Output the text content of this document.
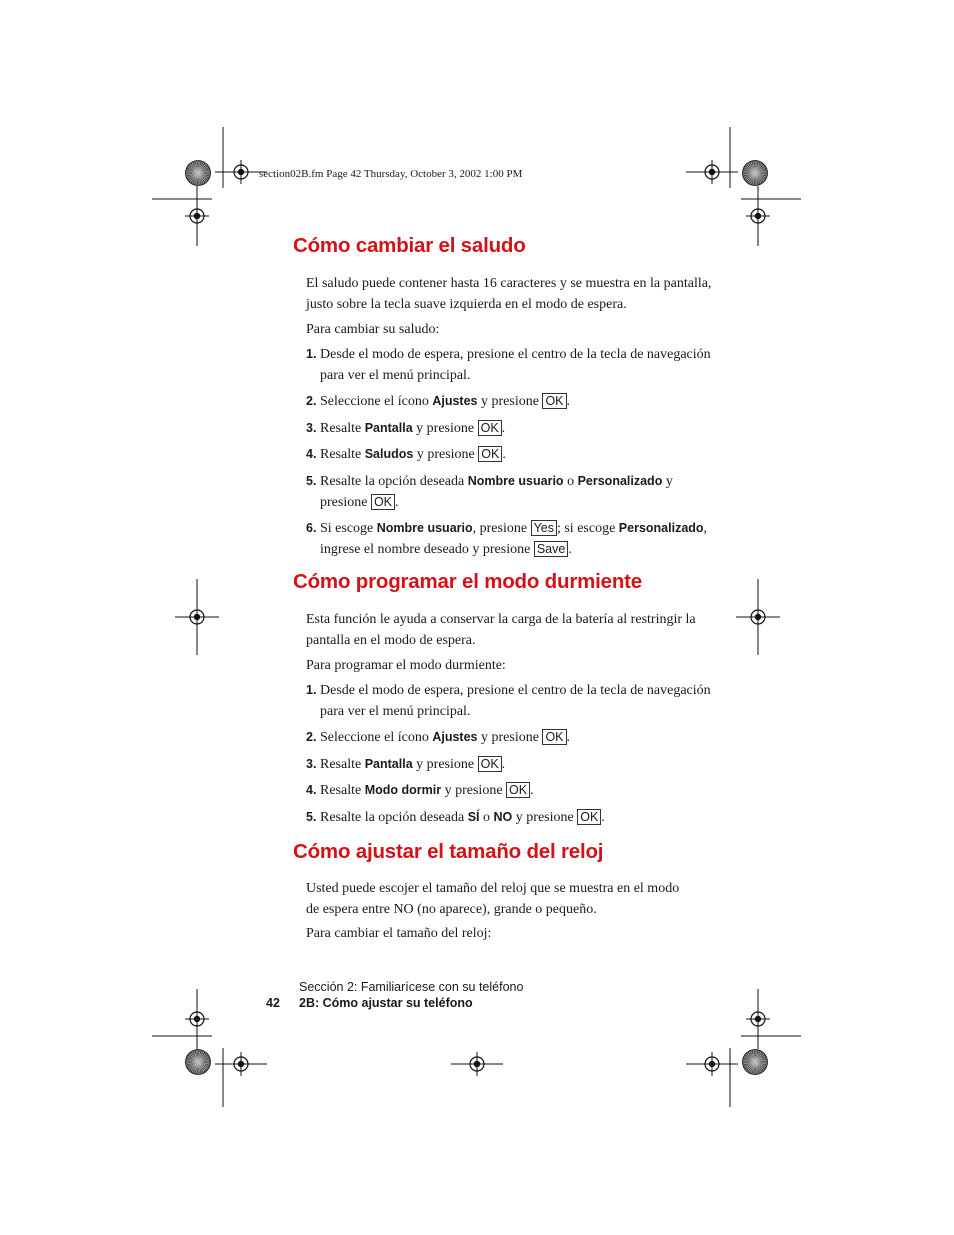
section02B.fm Page 42 Thursday, October 3, 2002 1:00 PM
Cómo cambiar el saludo
El saludo puede contener hasta 16 caracteres y se muestra en la pantalla,
justo sobre la tecla suave izquierda en el modo de espera.
Para cambiar su saludo:
1. Desde el modo de espera, presione el centro de la tecla de navegación
para ver el menú principal.
2. Seleccione el ícono Ajustes y presione OK .
3. Resalte Pantalla y presione OK .
4. Resalte Saludos y presione OK .
5. Resalte la opción deseada Nombre usuario o Personalizado y
presione OK .
6. Si escoge Nombre usuario, presione Yes ; si escoge Personalizado,
ingrese el nombre deseado y presione Save .
Cómo programar el modo durmiente
Esta función le ayuda a conservar la carga de la batería al restringir la
pantalla en el modo de espera.
Para programar el modo durmiente:
1. Desde el modo de espera, presione el centro de la tecla de navegación
para ver el menú principal.
2. Seleccione el ícono Ajustes y presione OK .
3. Resalte Pantalla y presione OK .
4. Resalte Modo dormir y presione OK .
5. Resalte la opción deseada SÍ o NO y presione OK .
Cómo ajustar el tamaño del reloj
Usted puede escojer el tamaño del reloj que se muestra en el modo
de espera entre NO (no aparece), grande o pequeño.
Para cambiar el tamaño del reloj:
Sección 2: Familiarícese con su teléfono
42 2B: Cómo ajustar su teléfono
